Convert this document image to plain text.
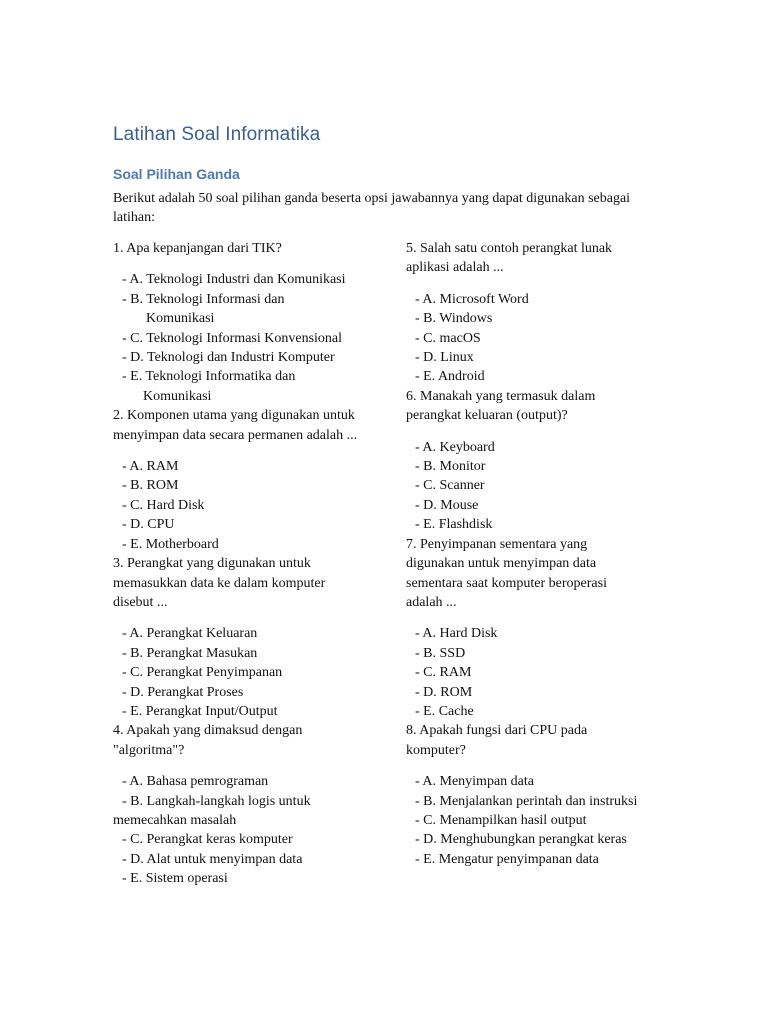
Latihan Soal Informatika
Soal Pilihan Ganda
Berikut adalah 50 soal pilihan ganda beserta opsi jawabannya yang dapat digunakan sebagai latihan:

1. Apa kepanjangan dari TIK?

- A. Teknologi Industri dan Komunikasi
- B. Teknologi Informasi dan
Komunikasi
- C. Teknologi Informasi Konvensional
- D. Teknologi dan Industri Komputer
- E. Teknologi Informatika dan
Komunikasi

2. Komponen utama yang digunakan untuk menyimpan data secara permanen adalah ...

- A. RAM
- B. ROM
- C. Hard Disk
- D. CPU
- E. Motherboard

3. Perangkat yang digunakan untuk memasukkan data ke dalam komputer disebut ...

- A. Perangkat Keluaran
- B. Perangkat Masukan
- C. Perangkat Penyimpanan
- D. Perangkat Proses
- E. Perangkat Input/Output

4. Apakah yang dimaksud dengan "algoritma"?

- A. Bahasa pemrograman
- B. Langkah-langkah logis untuk
memecahkan masalah
- C. Perangkat keras komputer
- D. Alat untuk menyimpan data
- E. Sistem operasi

5. Salah satu contoh perangkat lunak aplikasi adalah ...

- A. Microsoft Word
- B. Windows
- C. macOS
- D. Linux
- E. Android

6. Manakah yang termasuk dalam perangkat keluaran (output)?

- A. Keyboard
- B. Monitor
- C. Scanner
- D. Mouse
- E. Flashdisk

7. Penyimpanan sementara yang digunakan untuk menyimpan data sementara saat komputer beroperasi adalah ...

- A. Hard Disk
- B. SSD
- C. RAM
- D. ROM
- E. Cache

8. Apakah fungsi dari CPU pada komputer?

- A. Menyimpan data
- B. Menjalankan perintah dan instruksi
- C. Menampilkan hasil output
- D. Menghubungkan perangkat keras
- E. Mengatur penyimpanan data
